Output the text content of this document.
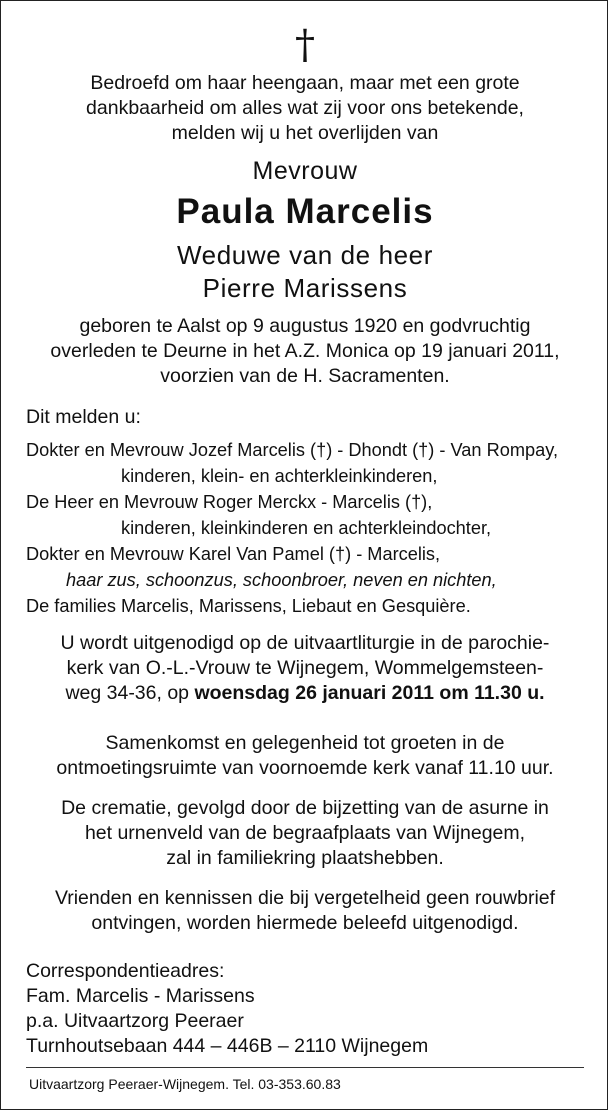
†
Bedroefd om haar heengaan, maar met een grote
dankbaarheid om alles wat zij voor ons betekende,
melden wij u het overlijden van
Mevrouw
Paula Marcelis
Weduwe van de heer
Pierre Marissens
geboren te Aalst op 9 augustus 1920 en godvruchtig
overleden te Deurne in het A.Z. Monica op 19 januari 2011,
voorzien van de H. Sacramenten.
Dit melden u:
Dokter en Mevrouw Jozef Marcelis (†) - Dhondt (†) - Van Rompay,
kinderen, klein- en achterkleinkinderen,
De Heer en Mevrouw Roger Merckx - Marcelis (†),
kinderen, kleinkinderen en achterkleindochter,
Dokter en Mevrouw Karel Van Pamel (†) - Marcelis,
haar zus, schoonzus, schoonbroer, neven en nichten,
De families Marcelis, Marissens, Liebaut en Gesquière.
U wordt uitgenodigd op de uitvaartliturgie in de parochie-
kerk van O.-L.-Vrouw te Wijnegem, Wommelgemsteen-
weg 34-36, op woensdag 26 januari 2011 om 11.30 u.
Samenkomst en gelegenheid tot groeten in de
ontmoetingsruimte van voornoemde kerk vanaf 11.10 uur.
De crematie, gevolgd door de bijzetting van de asurne in
het urnenveld van de begraafplaats van Wijnegem,
zal in familiekring plaatshebben.
Vrienden en kennissen die bij vergetelheid geen rouwbrief
ontvingen, worden hiermede beleefd uitgenodigd.
Correspondentieadres:
Fam. Marcelis - Marissens
p.a. Uitvaartzorg Peeraer
Turnhoutsebaan 444 – 446B – 2110 Wijnegem
Uitvaartzorg Peeraer-Wijnegem. Tel. 03-353.60.83
